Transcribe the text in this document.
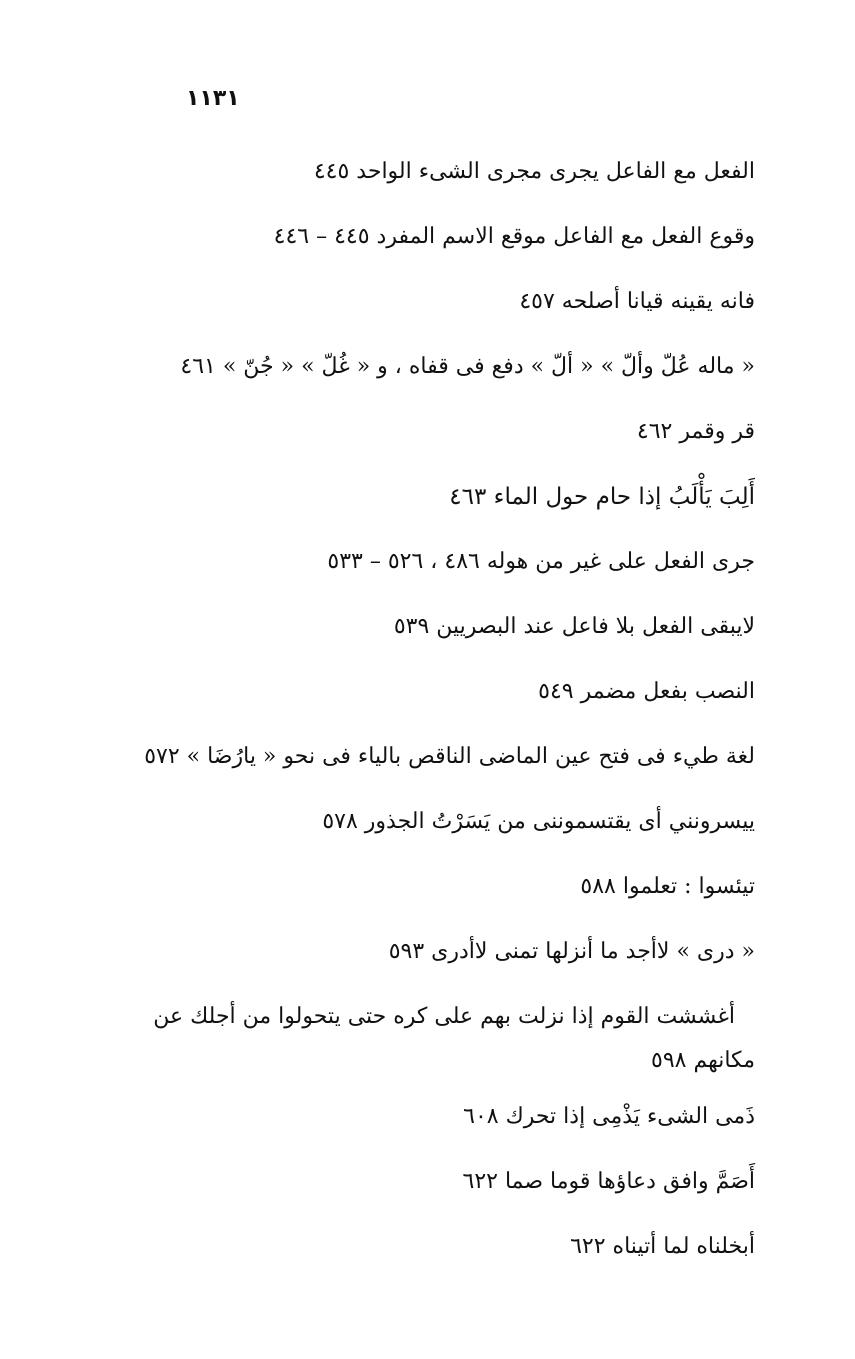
١١٣١

الفعل مع الفاعل يجرى مجرى الشىء الواحد ٤٤٥

وقوع الفعل مع الفاعل موقع الاسم المفرد ٤٤٥ – ٤٤٦

فانه يقينه قيانا أصلحه ٤٥٧

« ماله عُلّ وألّ » « ألّ » دفع فى قفاه ، و « غُلّ » « جُنّ » ٤٦١

قر وقمر ٤٦٢

أَلِبَ يَأْلَبُ إذا حام حول الماء ٤٦٣

جرى الفعل على غير من هوله ٤٨٦ ، ٥٢٦ – ٥٣٣

لايبقى الفعل بلا فاعل عند البصريين ٥٣٩

النصب بفعل مضمر ٥٤٩

لغة طيء فى فتح عين الماضى الناقص بالياء فى نحو « يارُضَا » ٥٧٢

ييسرونني أى يقتسموننى من يَسَرْتُ الجذور ٥٧٨

تيئسوا : تعلموا ٥٨٨

« درى » لاأجد ما أنزلها تمنى لاأدرى ٥٩٣

أغششت القوم إذا نزلت بهم على كره حتى يتحولوا من أجلك عن مكانهم ٥٩٨

ذَمى الشىء يَذْمِى إذا تحرك ٦٠٨

أَصَمَّ وافق دعاؤها قوما صما ٦٢٢

أبخلناه لما أتيناه ٦٢٢
